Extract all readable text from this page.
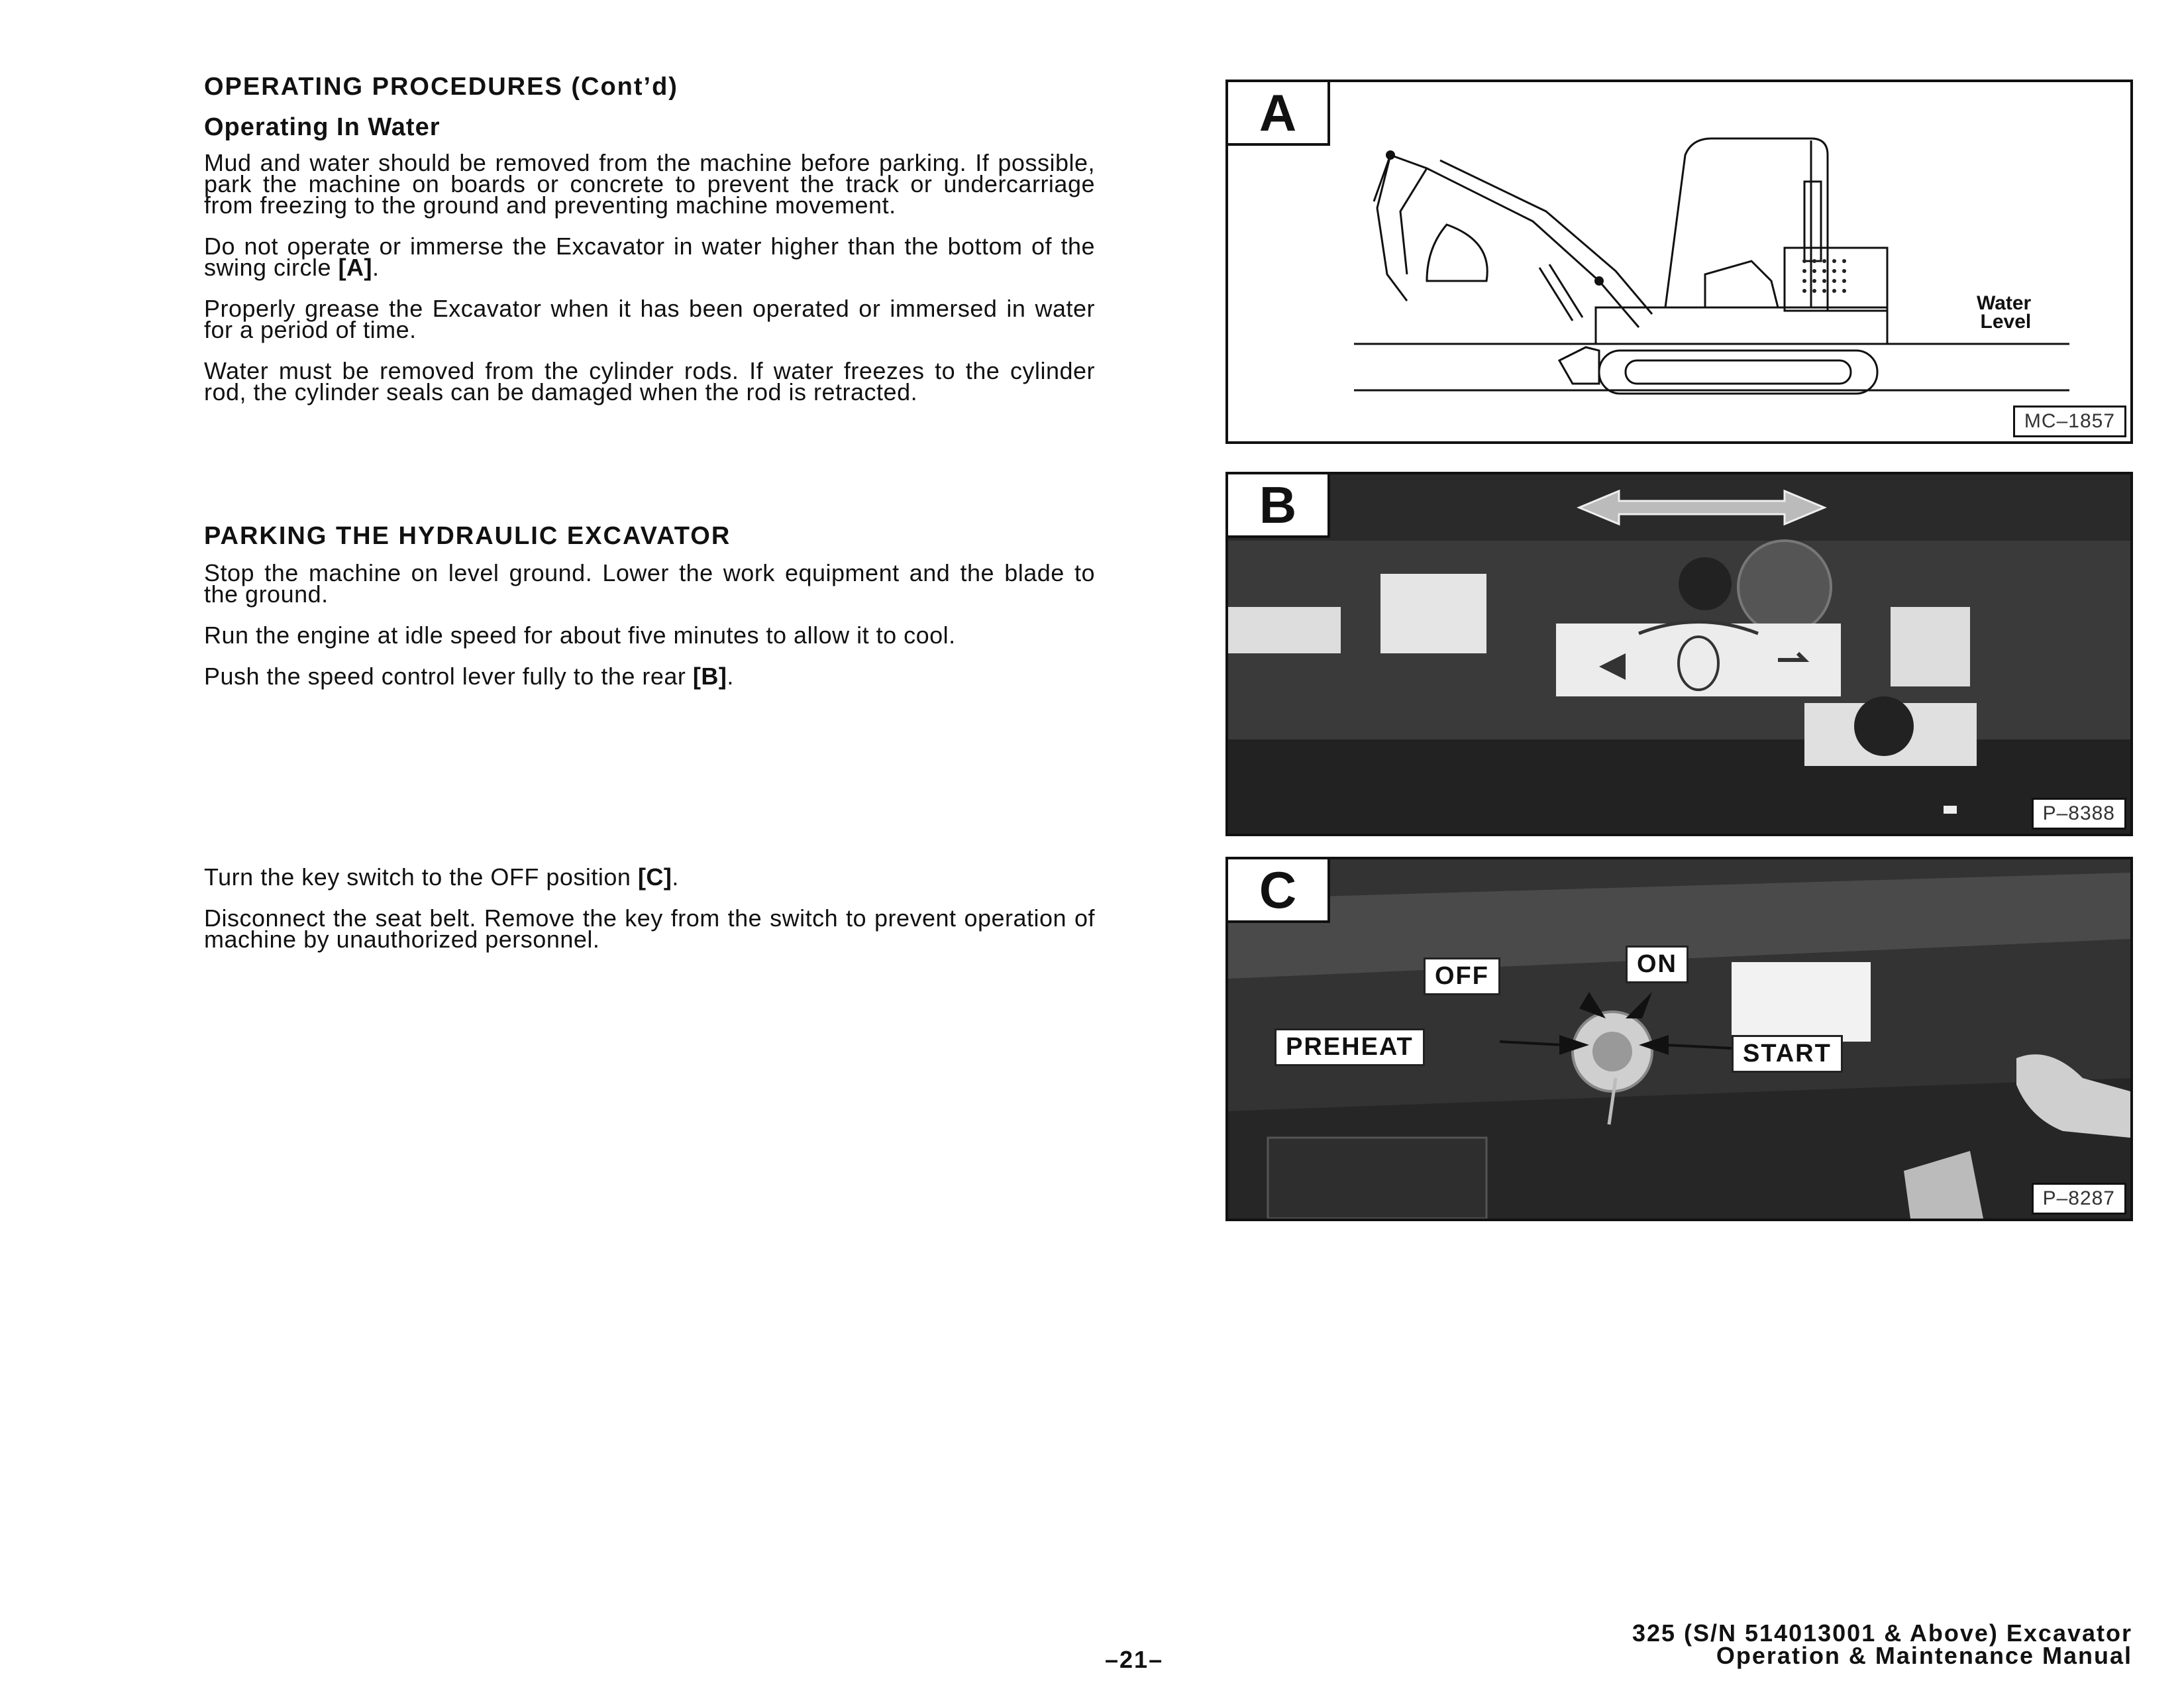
OPERATING PROCEDURES (Cont’d)
Operating In Water

Mud and water should be removed from the machine before parking. If possible, park the machine on boards or concrete to prevent the track or undercarriage from freezing to the ground and preventing machine movement.

Do not operate or immerse the Excavator in water higher than the bottom of the swing circle [A].

Properly grease the Excavator when it has been operated or immersed in water for a period of time.

Water must be removed from the cylinder rods. If water freezes to the cylinder rod, the cylinder seals can be damaged when the rod is retracted.

PARKING THE HYDRAULIC EXCAVATOR

Stop the machine on level ground. Lower the work equipment and the blade to the ground.

Run the engine at idle speed for about five minutes to allow it to cool.

Push the speed control lever fully to the rear [B].

Turn the key switch to the OFF position [C].

Disconnect the seat belt. Remove the key from the switch to prevent operation of machine by unauthorized personnel.

A
Water
Level
MC–1857
B
P–8388
C
OFF	ON
PREHEAT	START
P–8287
–21–
325 (S/N 514013001 & Above) Excavator
Operation & Maintenance Manual
